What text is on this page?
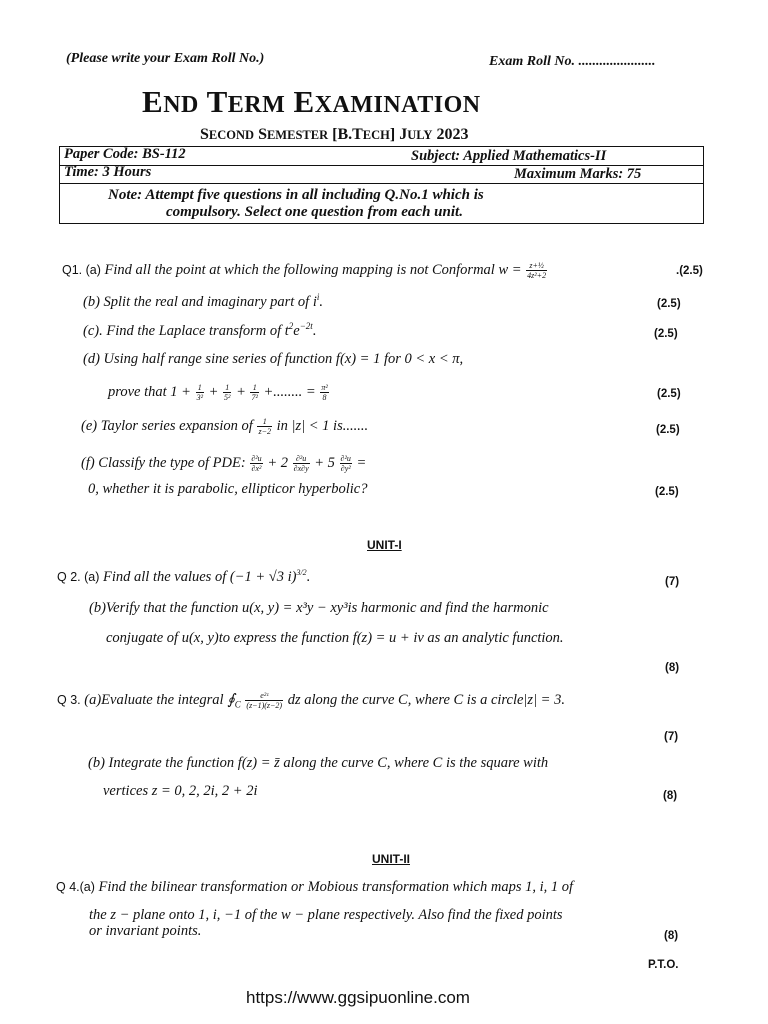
(Please write your Exam Roll No.)	Exam Roll No. ......................
END TERM EXAMINATION
SECOND SEMESTER [B.TECH] JULY 2023
Paper Code: BS-112	Subject: Applied Mathematics-II
Time: 3 Hours	Maximum Marks: 75
Note: Attempt five questions in all including Q.No.1 which is
compulsory. Select one question from each unit.
Q1. (a) Find all the point at which the following mapping is not Conformal $w = \frac{\text{z+½}}{\text{4z²+2}}$	.(2.5)
(b) Split the real and imaginary part of $i^i$.	(2.5)
(c). Find the Laplace transform of $t^2e^{-2t}$.	(2.5)
(d) Using half range sine series of function f(x) = 1 for 0 < x < π,
prove that $1 + \frac{1}{\text{3²}} + \frac{1}{\text{5²}} + \frac{1}{\text{7²}}$ +........ = $\frac{\text{π²}}{8}$	(2.5)
(e) Taylor series expansion of $\frac{1}{z-2}$ in |z| < 1 is.......	(2.5)
(f) Classify the type of PDE: $\frac{\text{∂²u}}{\text{∂x²}} + 2 \frac{\text{∂²u}}{\partial x\partial y} + 5 \frac{\text{∂²u}}{\text{∂y²}}$ =
0, whether it is parabolic, ellipticor hyperbolic?	(2.5)
UNIT-I
Q 2. (a) Find all the values of (−1 + √3 i)$^{3/2}$.	(7)
(b)Verify that the function u(x, y) = x³y − xy³is harmonic and find the harmonic
conjugate of u(x, y)to express the function f(z) = u + iv as an analytic function.
(8)
Q 3. (a)Evaluate the integral $∮_C \frac{\text{e²ᶻ}}{(z-1)(z-2)}$ dz along the curve C, where C is a circle|z| = 3.
(7)
(b) Integrate the function f(z) = z̄ along the curve C, where C is the square with
vertices z = 0, 2, 2i, 2 + 2i	(8)
UNIT-II
Q 4.(a) Find the bilinear transformation or Mobious transformation which maps 1, i, 1 of
the z − plane onto 1, i, −1 of the w − plane respectively. Also find the fixed points
or invariant points.	(8)
P.T.O.
https://www.ggsipuonline.com
